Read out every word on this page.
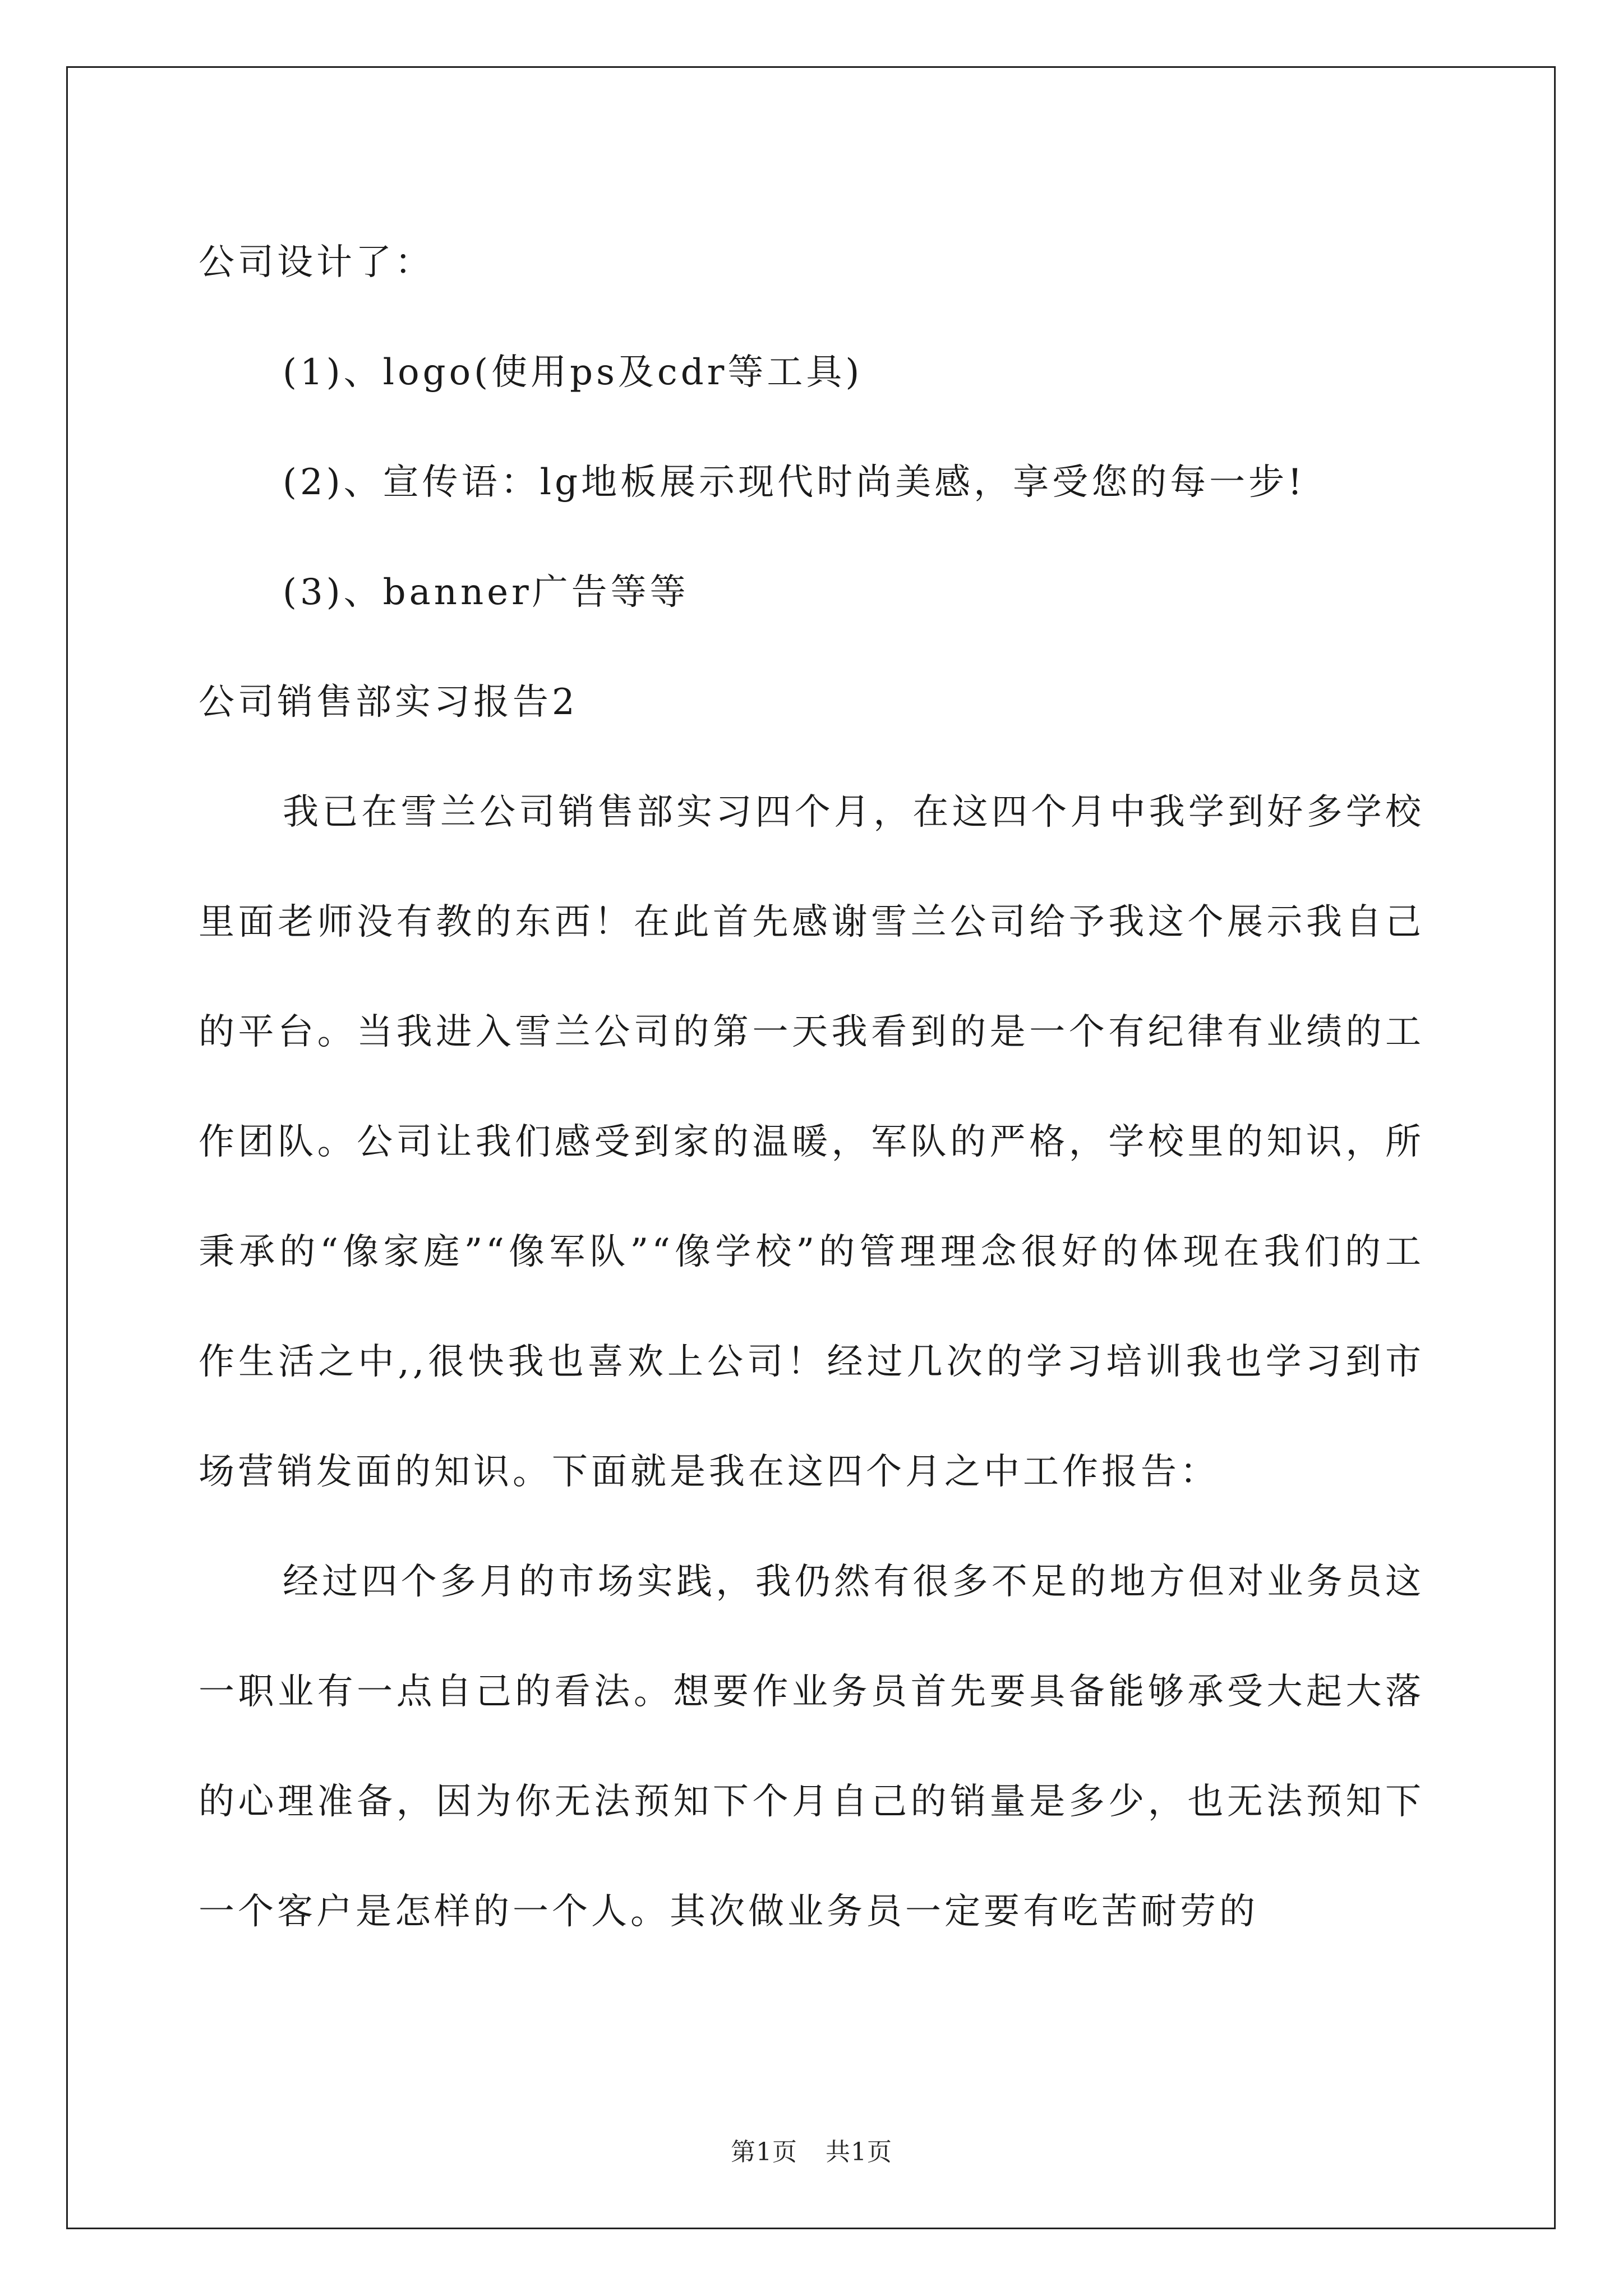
公司设计了：

(1)、logo(使用ps及cdr等工具)

(2)、宣传语：lg地板展示现代时尚美感，享受您的每一步!

(3)、banner广告等等

公司销售部实习报告2

我已在雪兰公司销售部实习四个月，在这四个月中我学到好多学校里面老师没有教的东西！在此首先感谢雪兰公司给予我这个展示我自己的平台。当我进入雪兰公司的第一天我看到的是一个有纪律有业绩的工作团队。公司让我们感受到家的温暖，军队的严格，学校里的知识，所秉承的“像家庭”“像军队”“像学校”的管理理念很好的体现在我们的工作生活之中,,很快我也喜欢上公司！经过几次的学习培训我也学习到市场营销发面的知识。下面就是我在这四个月之中工作报告：

经过四个多月的市场实践，我仍然有很多不足的地方但对业务员这一职业有一点自己的看法。想要作业务员首先要具备能够承受大起大落的心理准备，因为你无法预知下个月自己的销量是多少，也无法预知下一个客户是怎样的一个人。其次做业务员一定要有吃苦耐劳的

第1页 共1页
